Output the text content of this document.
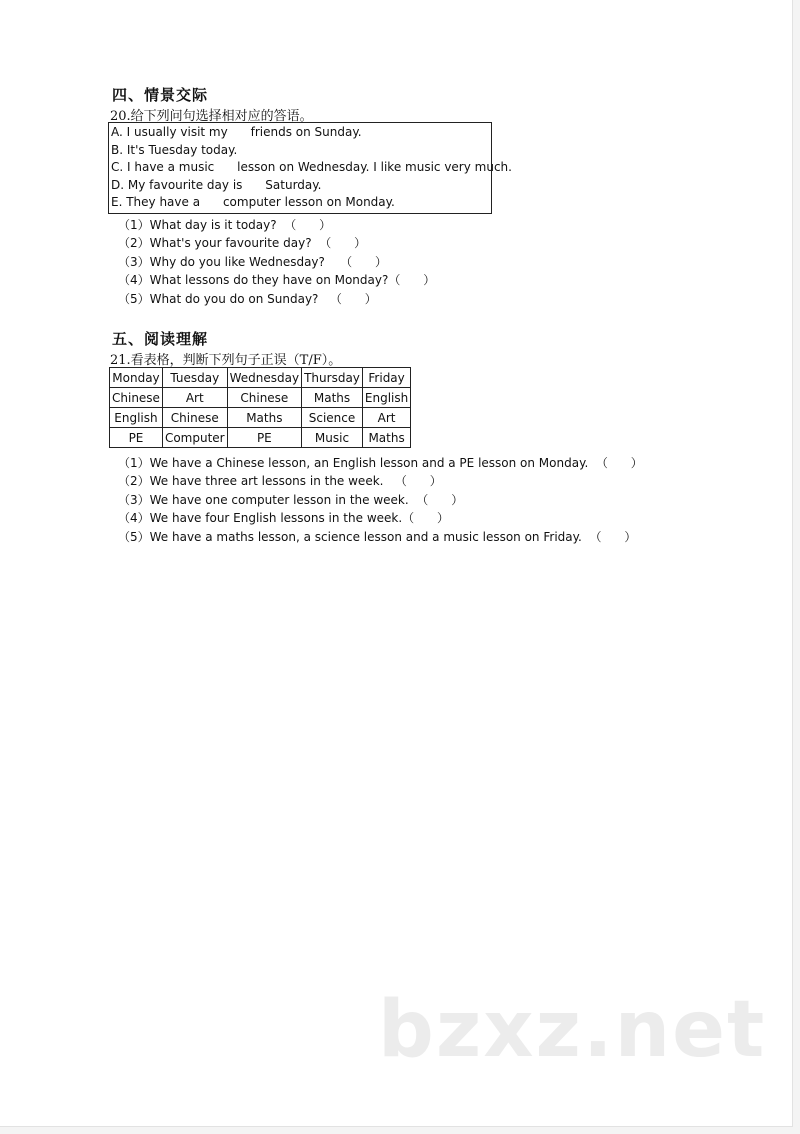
四、情景交际
20.给下列问句选择相对应的答语。
A. I usually visit my      friends on Sunday.
B. It's Tuesday today.
C. I have a music      lesson on Wednesday. I like music very much.
D. My favourite day is      Saturday.
E. They have a      computer lesson on Monday.
（1）What day is it today?  （      ）
（2）What's your favourite day?  （      ）
（3）Why do you like Wednesday?    （      ）
（4）What lessons do they have on Monday?（      ）
（5）What do you do on Sunday?   （      ）
五、阅读理解
21.看表格，判断下列句子正误（T/F）。
Monday	Tuesday	Wednesday	Thursday	Friday
Chinese	Art	Chinese	Maths	English
English	Chinese	Maths	Science	Art
PE	Computer	PE	Music	Maths
（1）We have a Chinese lesson, an English lesson and a PE lesson on Monday.  （      ）
（2）We have three art lessons in the week.   （      ）
（3）We have one computer lesson in the week.  （      ）
（4）We have four English lessons in the week.（      ）
（5）We have a maths lesson, a science lesson and a music lesson on Friday.  （      ）
bzxz.net
